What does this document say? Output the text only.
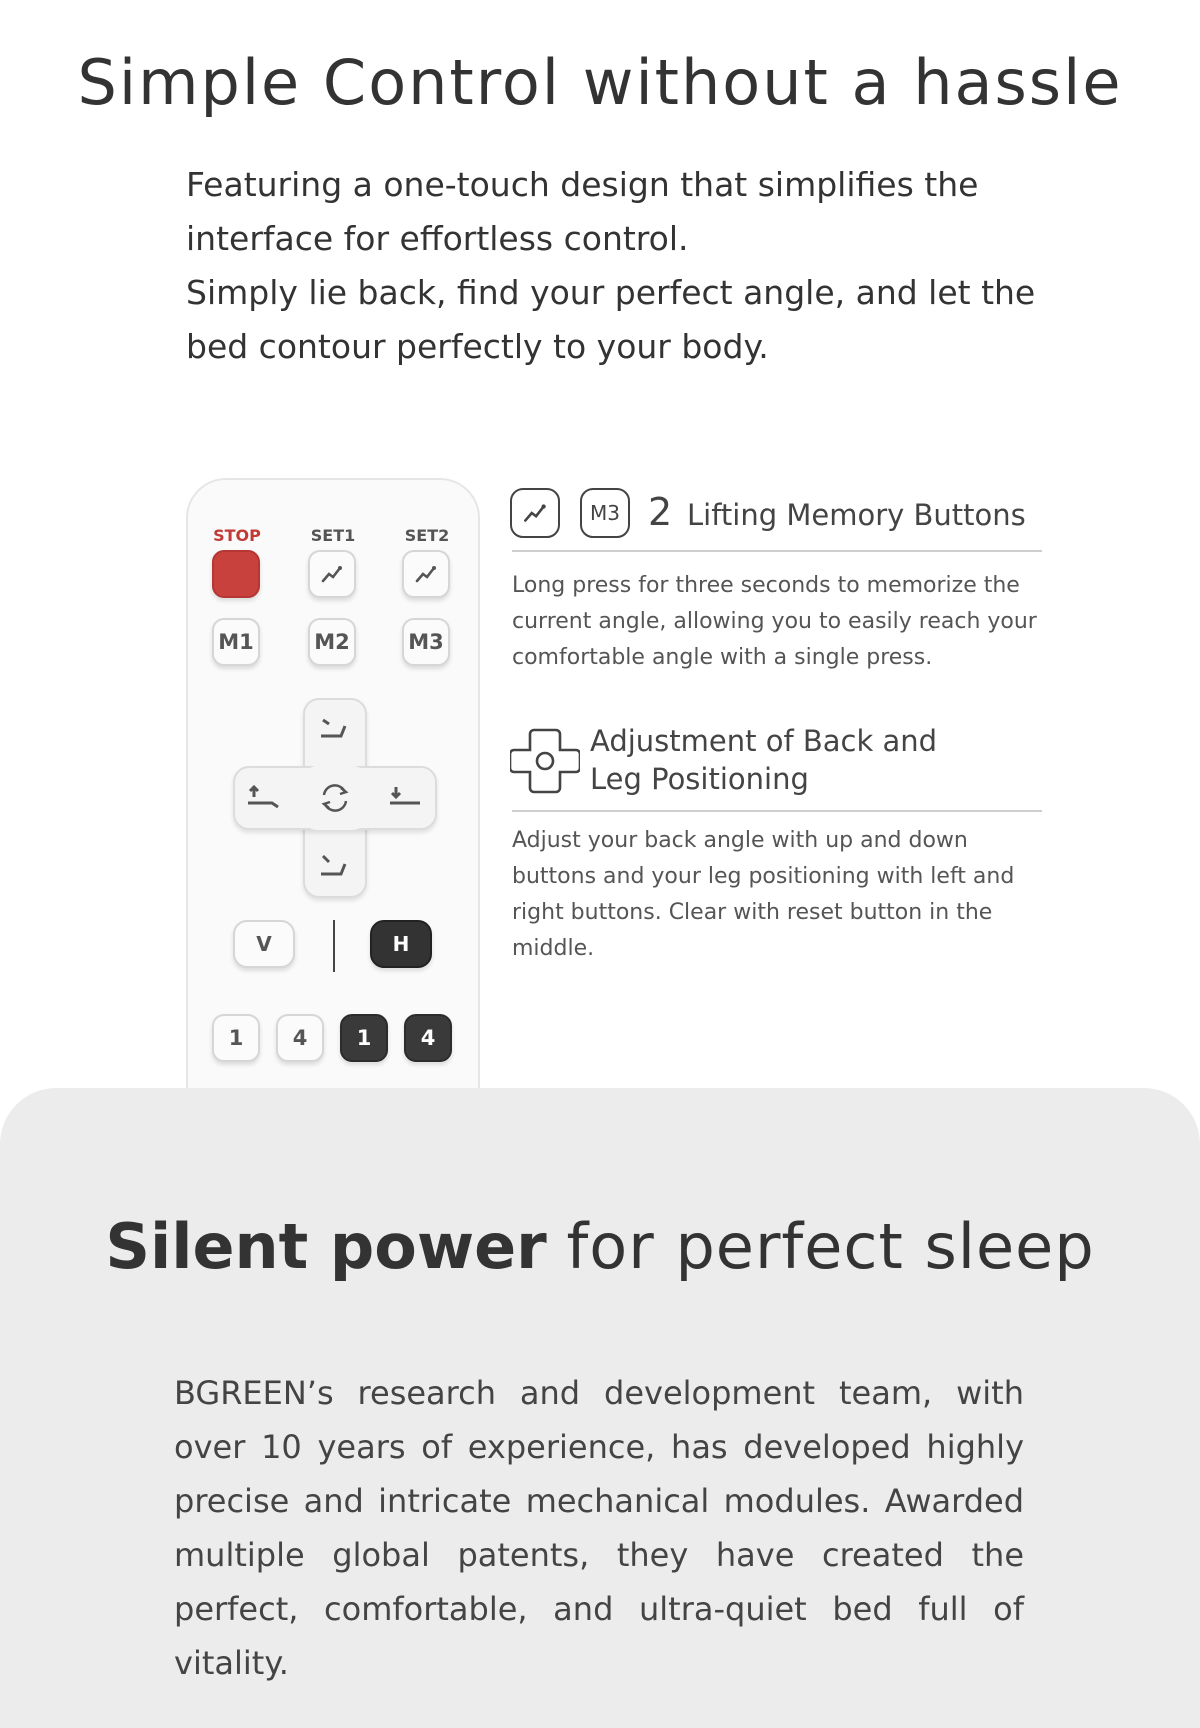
Simple Control without a hassle

Featuring a one-touch design that simplifies the interface for effortless control.

Simply lie back, find your perfect angle, and let the bed contour perfectly to your body.

STOP	SET1	SET2
M1	M2	M3
V	H
1	4	1	4
M3 2 Lifting Memory Buttons
Long press for three seconds to memorize the current angle, allowing you to easily reach your comfortable angle with a single press.
Adjustment of Back and
Leg Positioning
Adjust your back angle with up and down buttons and your leg positioning with left and right buttons. Clear with reset button in the middle.
Silent power for perfect sleep
BGREEN’s research and development team, with over 10 years of experience, has developed highly precise and intricate mechanical modules. Awarded multiple global patents, they have created the perfect, comfortable, and ultra-quiet bed full of vitality.
